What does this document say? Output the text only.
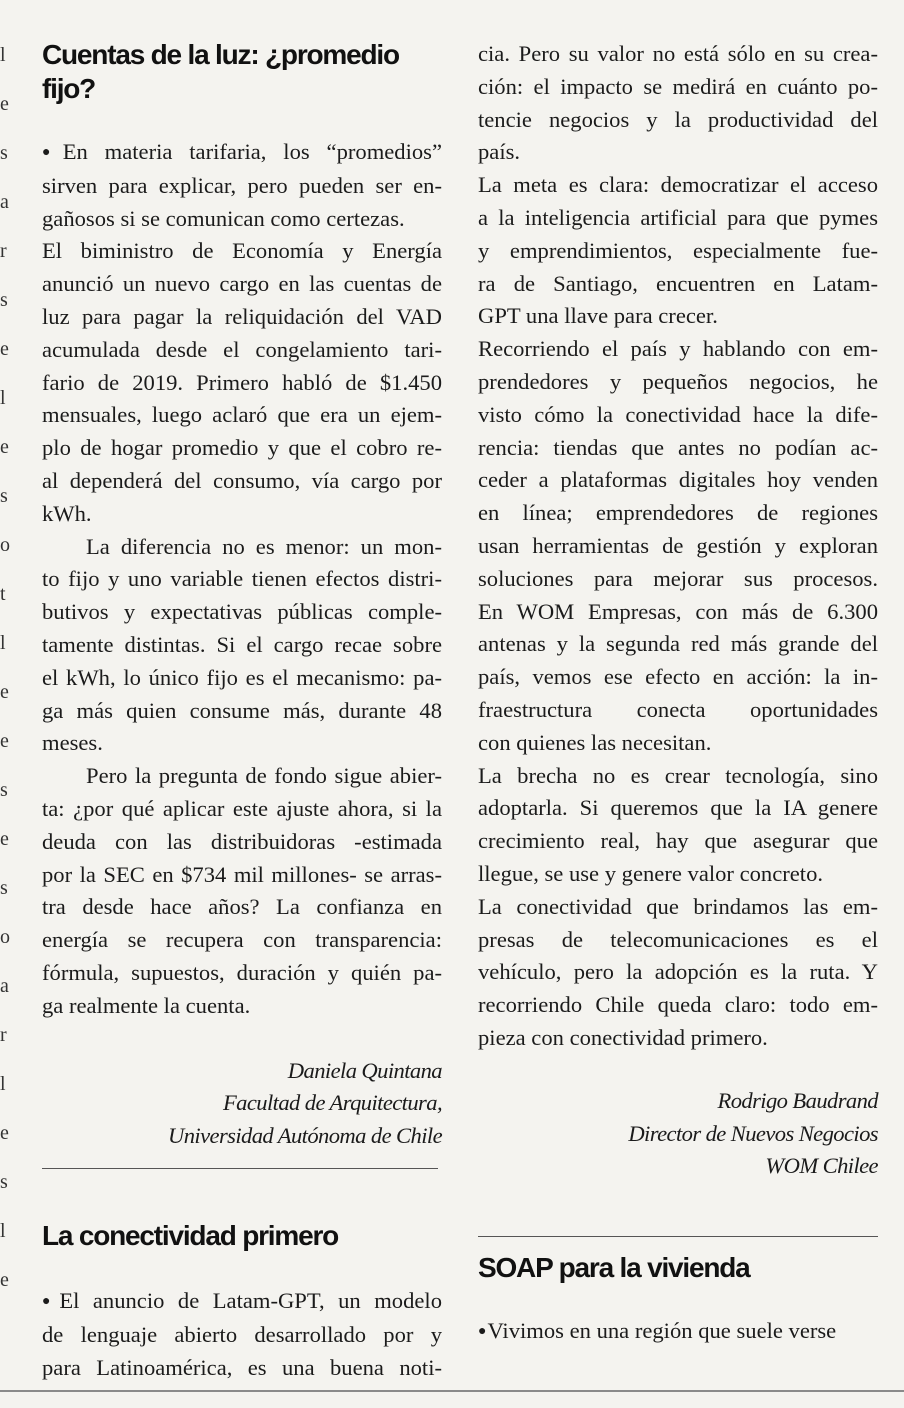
l
e
s
a
r
s
e
l
e
s
o
t
l
e
e
s
e
s
o
a
r
l
e
s
l
e
Cuentas de la luz: ¿promedio fijo?
● En materia tarifaria, los “promedios”
sirven para explicar, pero pueden ser en-
gañosos si se comunican como certezas.
El biministro de Economía y Energía
anunció un nuevo cargo en las cuentas de
luz para pagar la reliquidación del VAD
acumulada desde el congelamiento tari-
fario de 2019. Primero habló de $1.450
mensuales, luego aclaró que era un ejem-
plo de hogar promedio y que el cobro re-
al dependerá del consumo, vía cargo por
kWh.
La diferencia no es menor: un mon-
to fijo y uno variable tienen efectos distri-
butivos y expectativas públicas comple-
tamente distintas. Si el cargo recae sobre
el kWh, lo único fijo es el mecanismo: pa-
ga más quien consume más, durante 48
meses.
Pero la pregunta de fondo sigue abier-
ta: ¿por qué aplicar este ajuste ahora, si la
deuda con las distribuidoras -estimada
por la SEC en $734 mil millones- se arras-
tra desde hace años? La confianza en
energía se recupera con transparencia:
fórmula, supuestos, duración y quién pa-
ga realmente la cuenta.

Daniela Quintana

Facultad de Arquitectura,

Universidad Autónoma de Chile

La conectividad primero
● El anuncio de Latam-GPT, un modelo
de lenguaje abierto desarrollado por y
para Latinoamérica, es una buena noti-
cia. Pero su valor no está sólo en su crea-
ción: el impacto se medirá en cuánto po-
tencie negocios y la productividad del
país.
La meta es clara: democratizar el acceso
a la inteligencia artificial para que pymes
y emprendimientos, especialmente fue-
ra de Santiago, encuentren en Latam-
GPT una llave para crecer.
Recorriendo el país y hablando con em-
prendedores y pequeños negocios, he
visto cómo la conectividad hace la dife-
rencia: tiendas que antes no podían ac-
ceder a plataformas digitales hoy venden
en línea; emprendedores de regiones
usan herramientas de gestión y exploran
soluciones para mejorar sus procesos.
En WOM Empresas, con más de 6.300
antenas y la segunda red más grande del
país, vemos ese efecto en acción: la in-
fraestructura conecta oportunidades
con quienes las necesitan.
La brecha no es crear tecnología, sino
adoptarla. Si queremos que la IA genere
crecimiento real, hay que asegurar que
llegue, se use y genere valor concreto.
La conectividad que brindamos las em-
presas de telecomunicaciones es el
vehículo, pero la adopción es la ruta. Y
recorriendo Chile queda claro: todo em-
pieza con conectividad primero.

Rodrigo Baudrand

Director de Nuevos Negocios

WOM Chilee

SOAP para la vivienda
● Vivimos en una región que suele verse
